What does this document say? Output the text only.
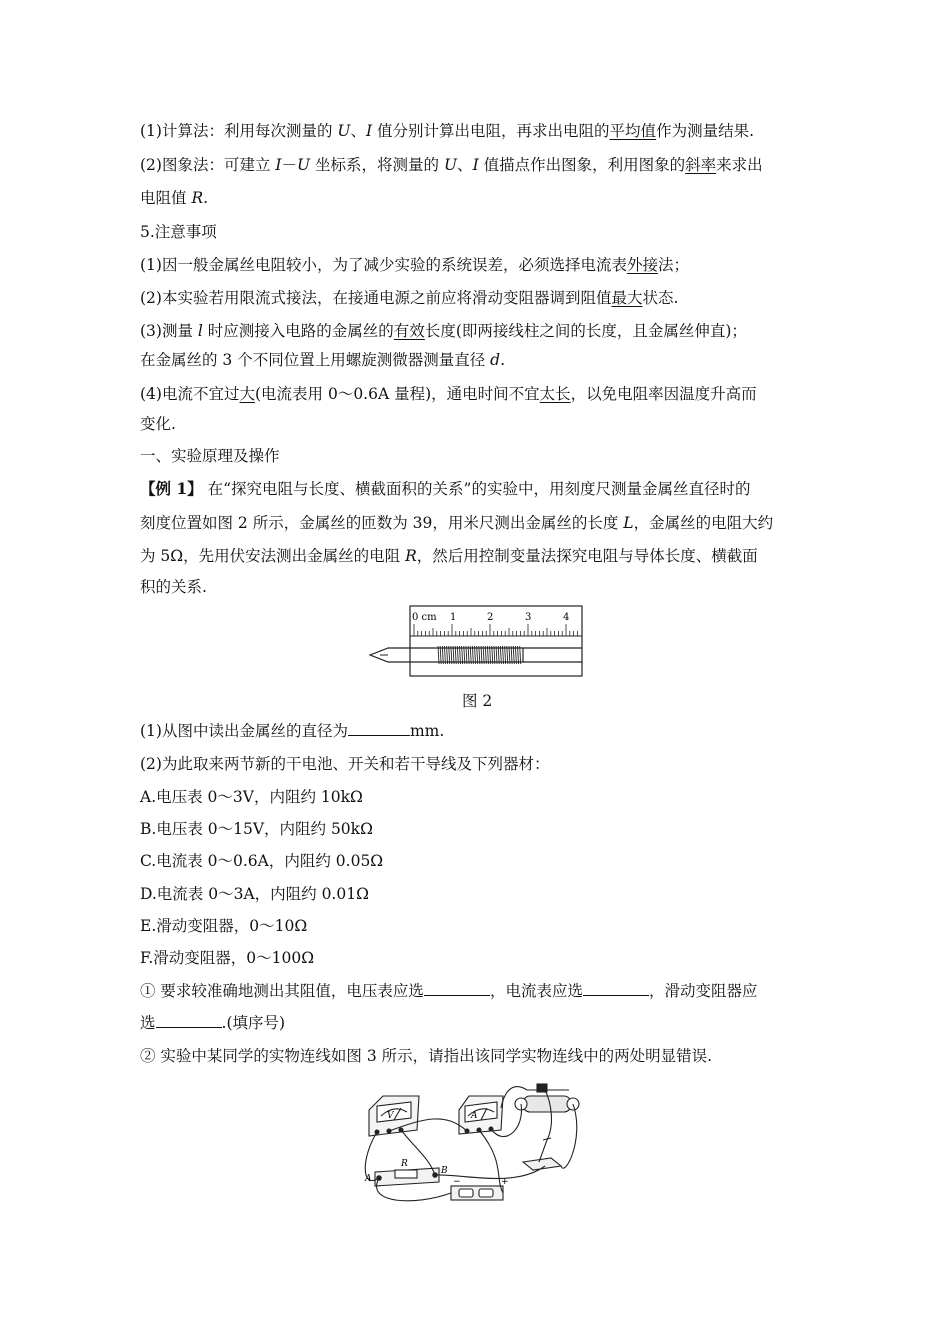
(1)计算法：利用每次测量的 U、I 值分别计算出电阻，再求出电阻的平均值作为测量结果.
(2)图象法：可建立 I－U 坐标系，将测量的 U、I 值描点作出图象，利用图象的斜率来求出
电阻值 R.
5.注意事项
(1)因一般金属丝电阻较小，为了减少实验的系统误差，必须选择电流表外接法；
(2)本实验若用限流式接法，在接通电源之前应将滑动变阻器调到阻值最大状态.
(3)测量 l 时应测接入电路的金属丝的有效长度(即两接线柱之间的长度，且金属丝伸直)；
在金属丝的 3 个不同位置上用螺旋测微器测量直径 d.
(4)电流不宜过大(电流表用 0～0.6A 量程)，通电时间不宜太长，以免电阻率因温度升高而
变化.
一、实验原理及操作
【例 1】 在“探究电阻与长度、横截面积的关系”的实验中，用刻度尺测量金属丝直径时的
刻度位置如图 2 所示，金属丝的匝数为 39，用米尺测出金属丝的长度 L，金属丝的电阻大约
为 5Ω，先用伏安法测出金属丝的电阻 R，然后用控制变量法探究电阻与导体长度、横截面
积的关系.
0 cm 1	2	3	4
图 2
(1)从图中读出金属丝的直径为	mm.
(2)为此取来两节新的干电池、开关和若干导线及下列器材：
A.电压表 0～3V，内阻约 10kΩ
B.电压表 0～15V，内阻约 50kΩ
C.电流表 0～0.6A，内阻约 0.05Ω
D.电流表 0～3A，内阻约 0.01Ω
E.滑动变阻器，0～10Ω
F.滑动变阻器，0～100Ω
① 要求较准确地测出其阻值，电压表应选	，电流表应选	，滑动变阻器应
选	.(填序号)
② 实验中某同学的实物连线如图 3 所示，请指出该同学实物连线中的两处明显错误.
V	A
R
A
B
−	+
